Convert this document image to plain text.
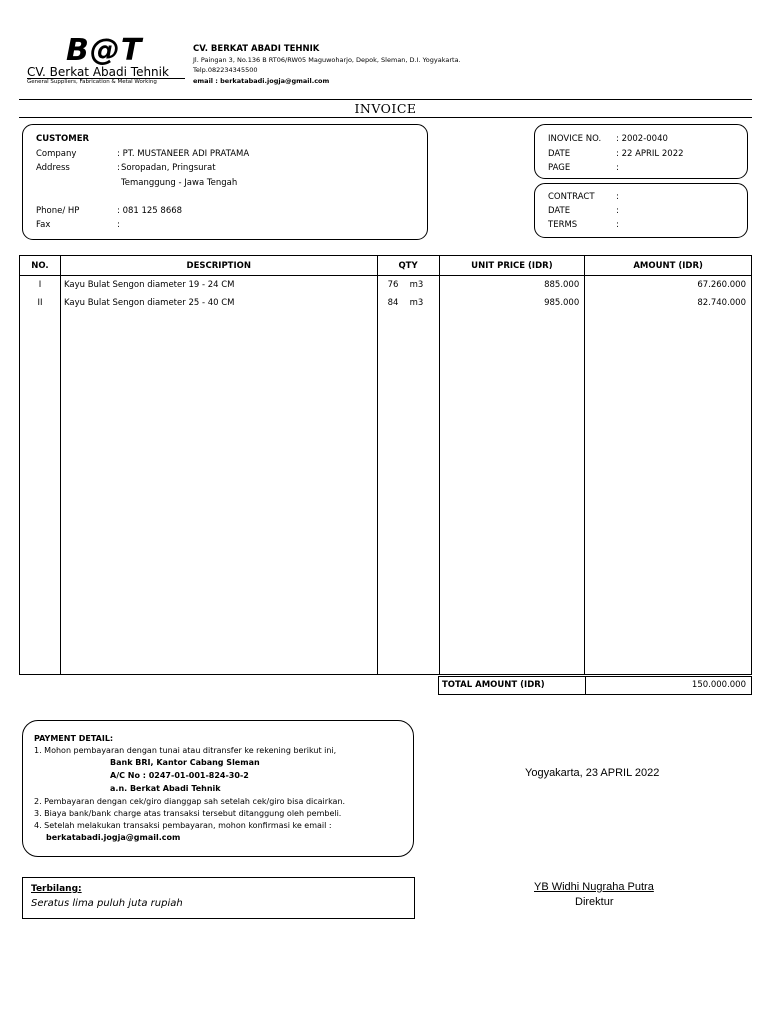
B@T
CV. Berkat Abadi Tehnik
General Suppliers, Fabrication & Metal Working
CV. BERKAT ABADI TEHNIK
Jl. Paingan 3, No.136 B RT06/RW05 Maguwoharjo, Depok, Sleman, D.I. Yogyakarta.
Telp.082234345500
email : berkatabadi.jogja@gmail.com
INVOICE
CUSTOMER
Company	: PT. MUSTANEER ADI PRATAMA
Address	: Soropadan, Pringsurat
Temanggung - Jawa Tengah
Phone/ HP	: 081 125 8668
Fax	:
INOVICE NO. : 2002-0040
DATE	: 22 APRIL 2022
PAGE	:
CONTRACT	:
DATE	:
TERMS	:
NO.	DESCRIPTION	QTY	UNIT PRICE (IDR)	AMOUNT (IDR)
I	Kayu Bulat Sengon diameter 19 - 24 CM	76 m3	885.000	67.260.000
II	Kayu Bulat Sengon diameter 25 - 40 CM	84 m3	985.000	82.740.000

TOTAL AMOUNT (IDR)	150.000.000
PAYMENT DETAIL:
1. Mohon pembayaran dengan tunai atau ditransfer ke rekening berikut ini,
Bank BRI, Kantor Cabang Sleman
A/C No : 0247-01-001-824-30-2
a.n. Berkat Abadi Tehnik
2. Pembayaran dengan cek/giro dianggap sah setelah cek/giro bisa dicairkan.
3. Biaya bank/bank charge atas transaksi tersebut ditanggung oleh pembeli.
4. Setelah melakukan transaksi pembayaran, mohon konfirmasi ke email :
berkatabadi.jogja@gmail.com
Terbilang:
Seratus lima puluh juta rupiah
Yogyakarta, 23 APRIL 2022
YB Widhi Nugraha Putra
Direktur
